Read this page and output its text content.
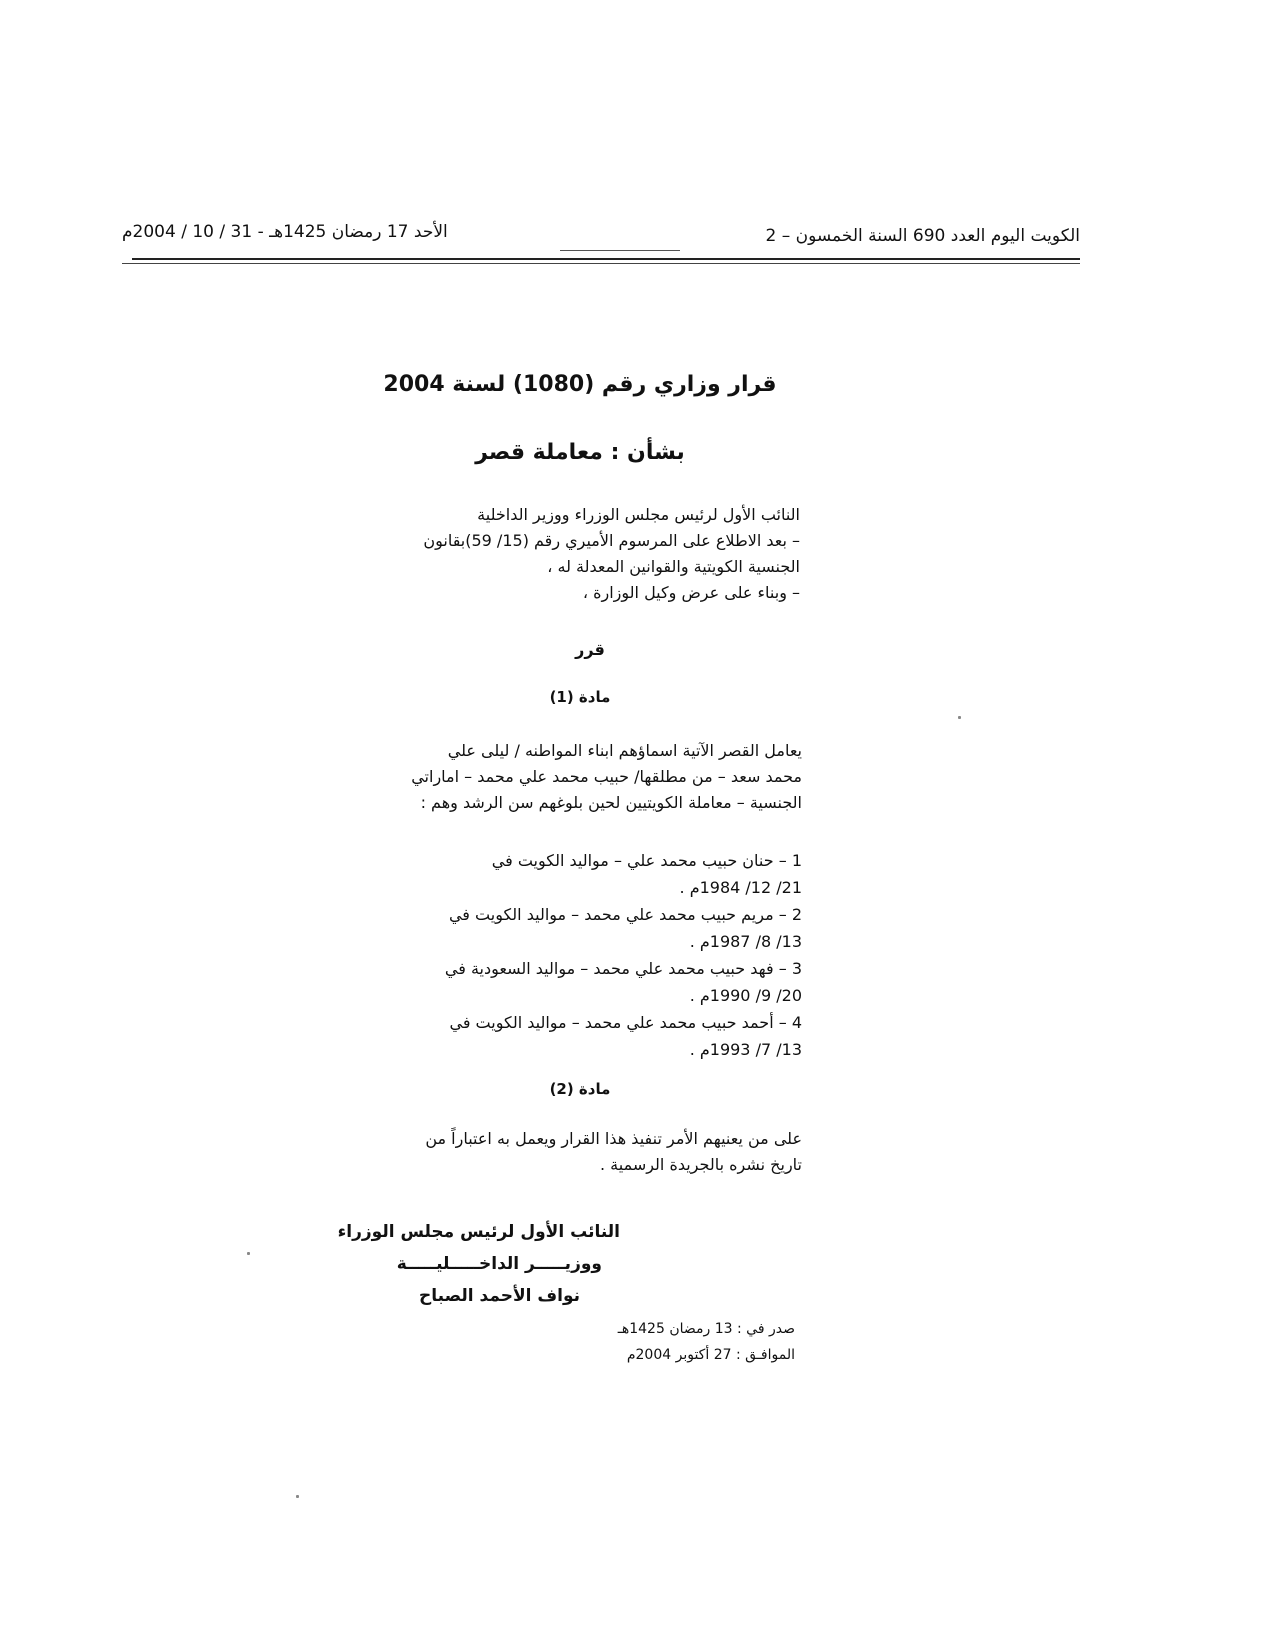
الكويت اليوم العدد 690 السنة الخمسون – 2
الأحد 17 رمضان 1425هـ - 31 / 10 / 2004م
قرار وزاري رقم (1080) لسنة 2004
بشأن : معاملة قصر
النائب الأول لرئيس مجلس الوزراء ووزير الداخلية
– بعد الاطلاع على المرسوم الأميري رقم (15/ 59)بقانون
الجنسية الكويتية والقوانين المعدلة له ،
– وبناء على عرض وكيل الوزارة ،
قرر
مادة (1)
يعامل القصر الآتية اسماؤهم ابناء المواطنه / ليلى علي
محمد سعد – من مطلقها/ حبيب محمد علي محمد – اماراتي
الجنسية – معاملة الكويتيين لحين بلوغهم سن الرشد وهم :
1 – حنان حبيب محمد علي – مواليد الكويت في
21/ 12/ 1984م .
2 – مريم حبيب محمد علي محمد – مواليد الكويت في
13/ 8/ 1987م .
3 – فهد حبيب محمد علي محمد – مواليد السعودية في
20/ 9/ 1990م .
4 – أحمد حبيب محمد علي محمد – مواليد الكويت في
13/ 7/ 1993م .
مادة (2)
على من يعنيهم الأمر تنفيذ هذا القرار ويعمل به اعتباراً من
تاريخ نشره بالجريدة الرسمية .
النائب الأول لرئيس مجلس الوزراء
ووزيـــــر الداخـــــليـــــة
نواف الأحمد الصباح
صدر في : 13 رمضان 1425هـ
الموافـق : 27 أكتوبر 2004م
